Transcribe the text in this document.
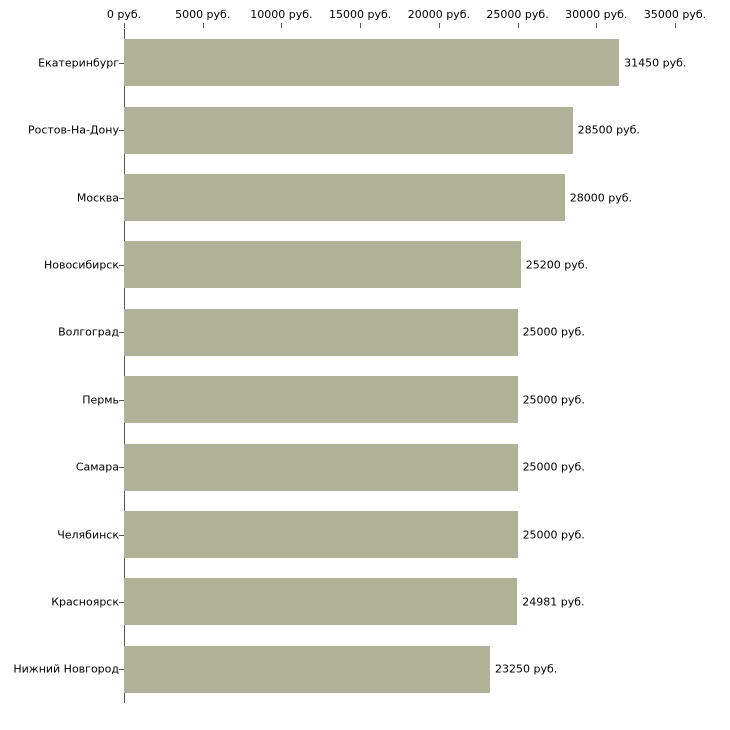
0 руб.	5000 руб. 10000 руб. 15000 руб. 20000 руб. 25000 руб. 30000 руб. 35000 руб.
31450 руб.
28500 руб.
28000 руб.
25200 руб.
25000 руб.
25000 руб.
25000 руб.
25000 руб.
24981 руб.
23250 руб.
Екатеринбург
Ростов-На-Дону
Москва
Новосибирск
Волгоград
Пермь
Самара
Челябинск
Красноярск
Нижний Новгород
